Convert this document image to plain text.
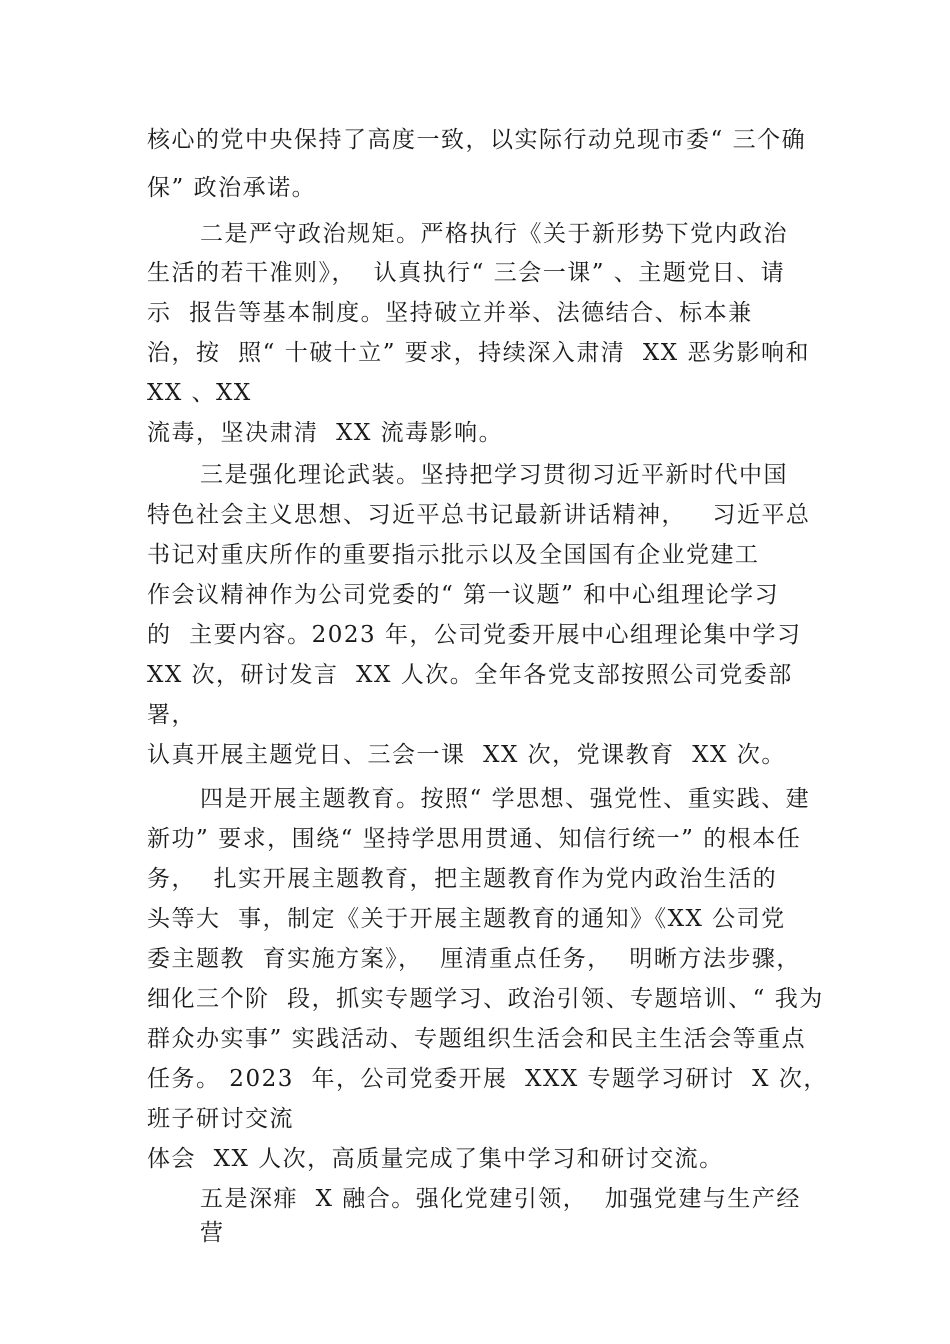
核心的党中央保持了高度一致，以实际行动兑现市委“ 三个确
保” 政治承诺。
二是严守政治规矩。严格执行《关于新形势下党内政治
生活的若干准则》，  认真执行“ 三会一课” 、主题党日、请
示  报告等基本制度。坚持破立并举、法德结合、标本兼
治，按  照“ 十破十立” 要求，持续深入肃清  XX 恶劣影响和
XX 、XX
流毒，坚决肃清  XX 流毒影响。
三是强化理论武装。坚持把学习贯彻习近平新时代中国
特色社会主义思想、习近平总书记最新讲话精神，   习近平总
书记对重庆所作的重要指示批示以及全国国有企业党建工
作会议精神作为公司党委的“ 第一议题” 和中心组理论学习
的  主要内容。2023 年，公司党委开展中心组理论集中学习
XX 次，研讨发言  XX 人次。全年各党支部按照公司党委部
署，
认真开展主题党日、三会一课  XX 次，党课教育  XX 次。
四是开展主题教育。按照“ 学思想、强党性、重实践、建
新功” 要求，围绕“ 坚持学思用贯通、知信行统一” 的根本任
务，  扎实开展主题教育，把主题教育作为党内政治生活的
头等大  事，制定《关于开展主题教育的通知》《XX 公司党
委主题教  育实施方案》，  厘清重点任务，  明晰方法步骤，
细化三个阶  段，抓实专题学习、政治引领、专题培训、“ 我为
群众办实事” 实践活动、专题组织生活会和民主生活会等重点
任务。 2023  年，公司党委开展  XXX 专题学习研讨  X 次，
班子研讨交流
体会  XX 人次，高质量完成了集中学习和研讨交流。
五是深痱  X 融合。强化党建引领，  加强党建与生产经
营
